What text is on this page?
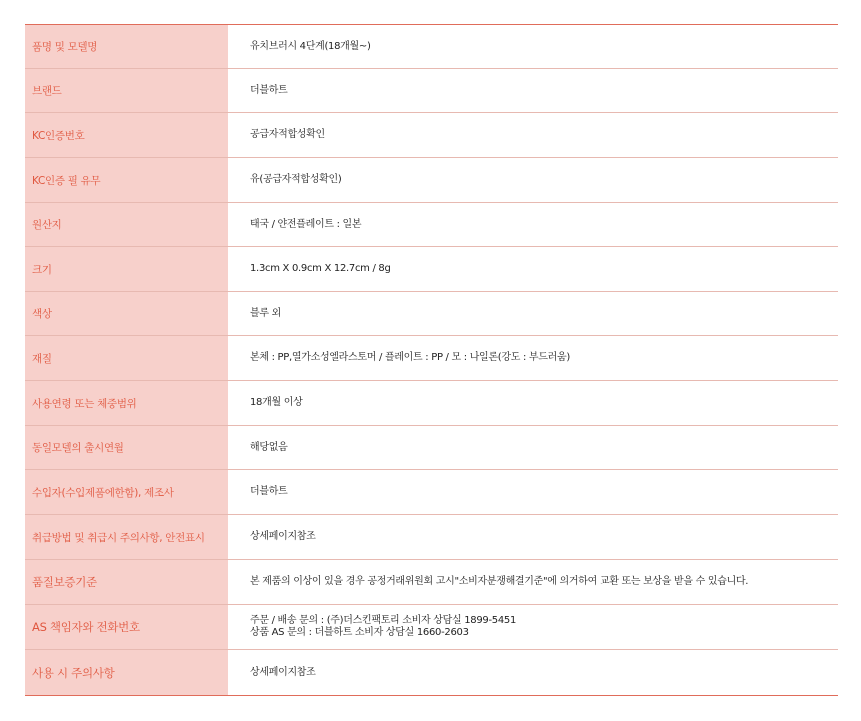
품명 및 모델명	유치브러시 4단계(18개월~)
브랜드	더블하트
KC인증번호	공급자적합성확인
KC인증 필 유무	유(공급자적합성확인)
원산지	태국 / 얀전플레이트 : 일본
크기	1.3cm X 0.9cm X 12.7cm / 8g
색상	블루 외
재질	본체 : PP,열가소성엘라스토머 / 플레이트 : PP / 모 : 나일론(강도 : 부드러움)
사용연령 또는 체중범위	18개월 이상
동일모델의 출시연월	해당없음
수입자(수입제품에한함), 제조사	더블하트
취급방법 및 취급시 주의사항, 안전표시	상세페이지참조
품질보증기준	본 제품의 이상이 있을 경우 공정거래위원회 고시"소비자분쟁해결기준"에 의거하여 교환 또는 보상을 받을 수 있습니다.
AS 책임자와 전화번호	주문 / 배송 문의 : (주)더스킨팩토리 소비자 상담실 1899-5451
상품 AS 문의 : 더블하트 소비자 상담실 1660-2603
사용 시 주의사항	상세페이지참조
